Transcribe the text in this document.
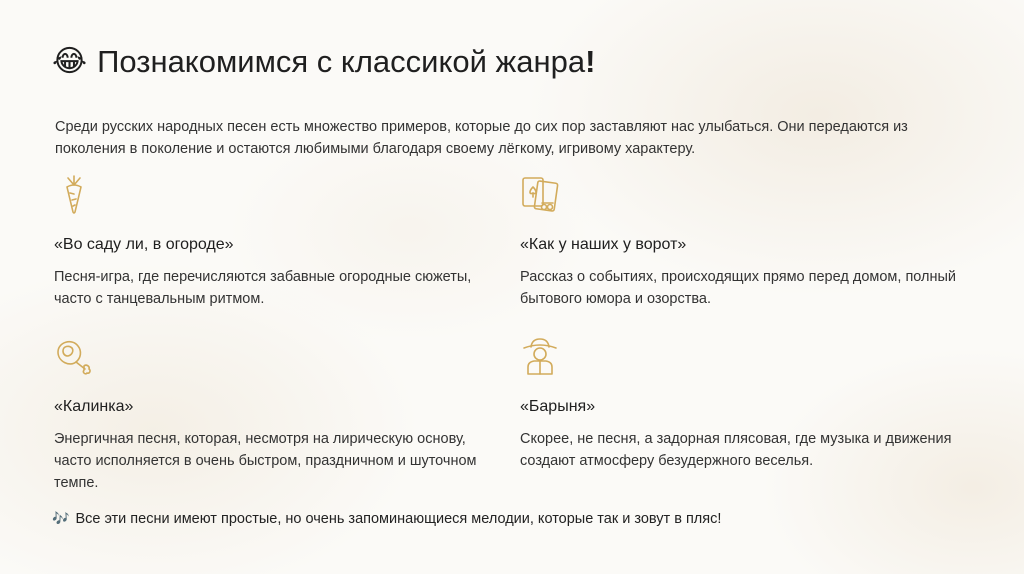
😂 Познакомимся с классикой жанра!
Среди русских народных песен есть множество примеров, которые до сих пор заставляют нас улыбаться. Они передаются из поколения в поколение и остаются любимыми благодаря своему лёгкому, игривому характеру.
«Во саду ли, в огороде»
Песня-игра, где перечисляются забавные огородные сюжеты, часто с танцевальным ритмом.
«Как у наших у ворот»
Рассказ о событиях, происходящих прямо перед домом, полный бытового юмора и озорства.
«Калинка»
Энергичная песня, которая, несмотря на лирическую основу, часто исполняется в очень быстром, праздничном и шуточном темпе.
«Барыня»
Скорее, не песня, а задорная плясовая, где музыка и движения создают атмосферу безудержного веселья.
🎶 Все эти песни имеют простые, но очень запоминающиеся мелодии, которые так и зовут в пляс!
